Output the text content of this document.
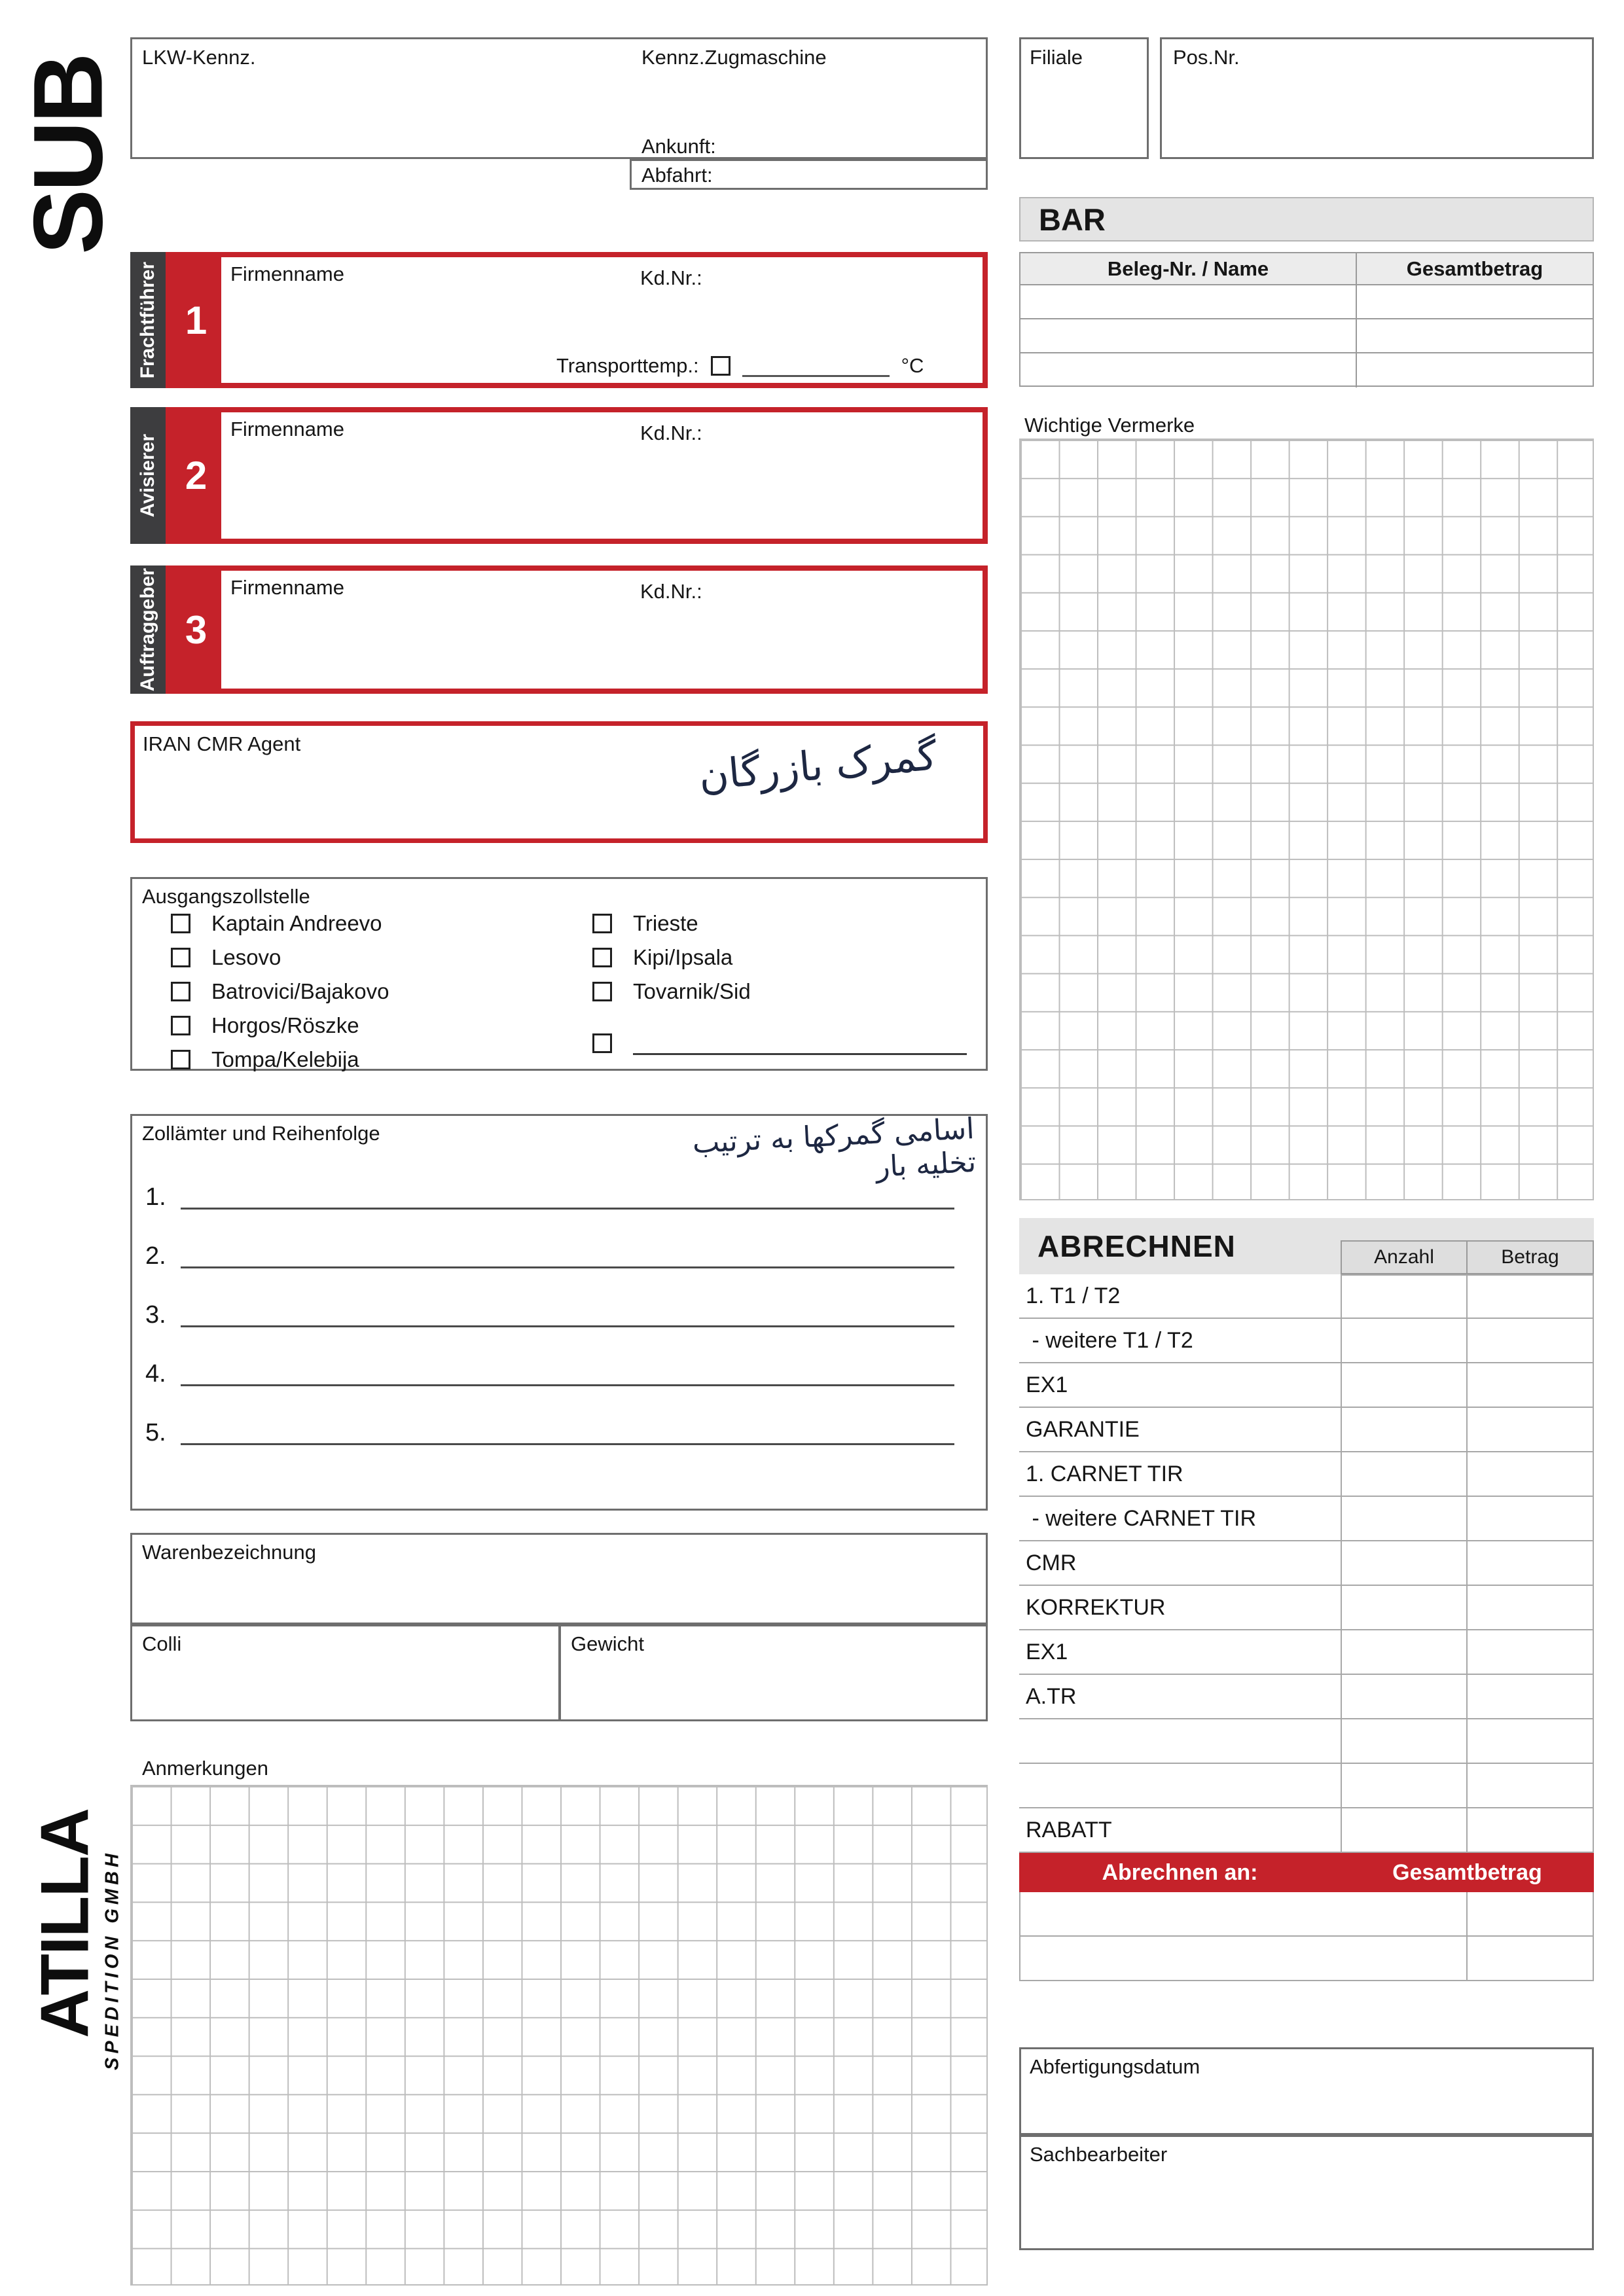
SUB
ATILLA
SPEDITION GMBH
LKW-Kennz.	Kennz.Zugmaschine
Ankunft:
Abfahrt:
Filiale	Pos.Nr.
BAR
Beleg-Nr. / Name	Gesamtbetrag
Frachtführer 1
Firmenname	Kd.Nr.:
Transporttemp.:	°C
Avisierer 2
Firmenname	Kd.Nr.:
Auftraggeber 3
Firmenname	Kd.Nr.:
IRAN CMR Agent	گمرک بازرگان
Wichtige Vermerke
Ausgangszollstelle
Kaptain Andreevo
Lesovo
Batrovici/Bajakovo
Horgos/Röszke
Tompa/Kelebija
Trieste
Kipi/Ipsala
Tovarnik/Sid
Zollämter und Reihenfolge	اسامی گمرکها به ترتیب تخلیه بار
1.
2.
3.
4.
5.
Warenbezeichnung
Colli	Gewicht
Anmerkungen
ABRECHNEN	Anzahl	Betrag
1. T1 / T2
- weitere T1 / T2
EX1
GARANTIE
1. CARNET TIR
- weitere CARNET TIR
CMR
KORREKTUR
EX1
A.TR
RABATT
Abrechnen an:	Gesamtbetrag
Abfertigungsdatum
Sachbearbeiter
